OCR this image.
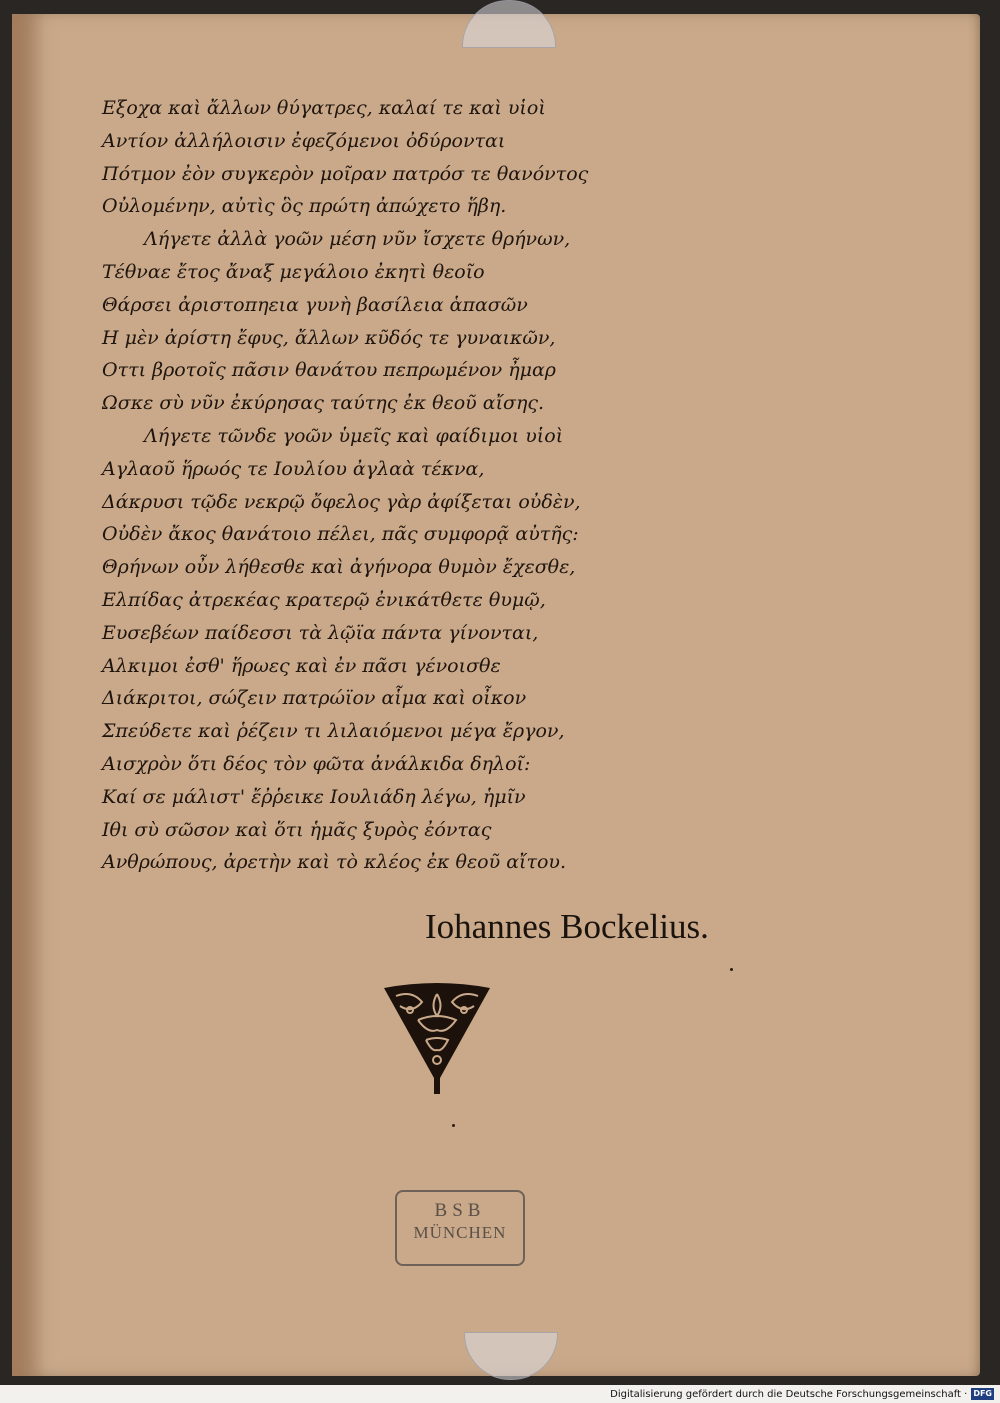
Εξοχα καὶ ἄλλων θύγατρες, καλαί τε καὶ υἱοὶ
Αντίον ἀλλήλοισιν ἐφεζόμενοι ὀδύρονται
Πότμον ἐὸν συγκερὸν μοῖραν πατρόσ τε θανόντος
Οὐλομένην, αὐτὶς ὃς πρώτη ἀπώχετο ἥβη.
Λήγετε ἀλλὰ γοῶν μέση νῦν ἴσχετε θρήνων,
Τέθναε ἔτος ἄναξ μεγάλοιο ἐκητὶ θεοῖο
Θάρσει ἀριστοπηεια γυνὴ βασίλεια ἁπασῶν
Η μὲν ἀρίστη ἔφυς, ἄλλων κῦδός τε γυναικῶν,
Οττι βροτοῖς πᾶσιν θανάτου πεπρωμένον ἦμαρ
Ωσκε σὺ νῦν ἐκύρησας ταύτης ἐκ θεοῦ αἴσης.
Λήγετε τῶνδε γοῶν ὑμεῖς καὶ φαίδιμοι υἱοὶ
Αγλαοῦ ἥρωός τε Ιουλίου ἀγλαὰ τέκνα,
Δάκρυσι τῷδε νεκρῷ ὄφελος γὰρ ἀφίξεται οὐδὲν,
Οὐδὲν ἄκος θανάτοιο πέλει, πᾶς συμφορᾷ αὐτῆς:
Θρήνων οὖν λήθεσθε καὶ ἀγήνορα θυμὸν ἔχεσθε,
Ελπίδας ἀτρεκέας κρατερῷ ἐνικάτθετε θυμῷ,
Ευσεβέων παίδεσσι τὰ λῷϊα πάντα γίνονται,
Αλκιμοι ἐσθ' ἥρωες καὶ ἐν πᾶσι γένοισθε
Διάκριτοι, σώζειν πατρώϊον αἷμα καὶ οἶκον
Σπεύδετε καὶ ῥέζειν τι λιλαιόμενοι μέγα ἔργον,
Αισχρὸν ὅτι δέος τὸν φῶτα ἀνάλκιδα δηλοῖ:
Καί σε μάλιστ' ἔῤῥεικε Ιουλιάδη λέγω, ἡμῖν
Ιθι σὺ σῶσον καὶ ὅτι ἡμᾶς ξυρὸς ἐόντας
Ανθρώπους, ἀρετὴν καὶ τὸ κλέος ἐκ θεοῦ αἴτου.
Iohannes Bockelius.
BSB
MÜNCHEN
Digitalisierung gefördert durch die Deutsche Forschungsgemeinschaft · DFG
